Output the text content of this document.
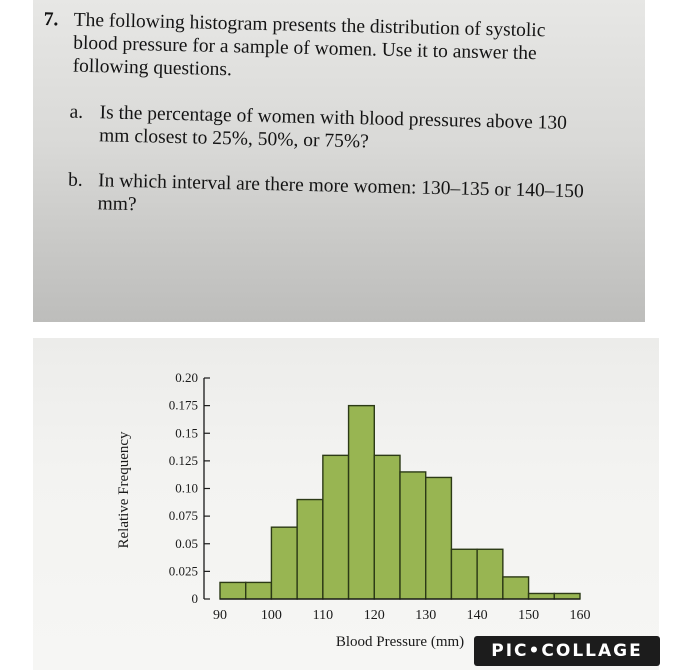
7. The following histogram presents the distribution of systolic blood pressure for a sample of women. Use it to answer the following questions.
a. Is the percentage of women with blood pressures above 130 mm closest to 25%, 50%, or 75%?
b. In which interval are there more women: 130–135 or 140–150 mm?
0
0.025
0.05
0.075
0.10
0.125
0.15
0.175
0.20
90 100 110 120 130 140 150 160
Relative Frequency
Blood Pressure (mm)	PIC•COLLAGE
